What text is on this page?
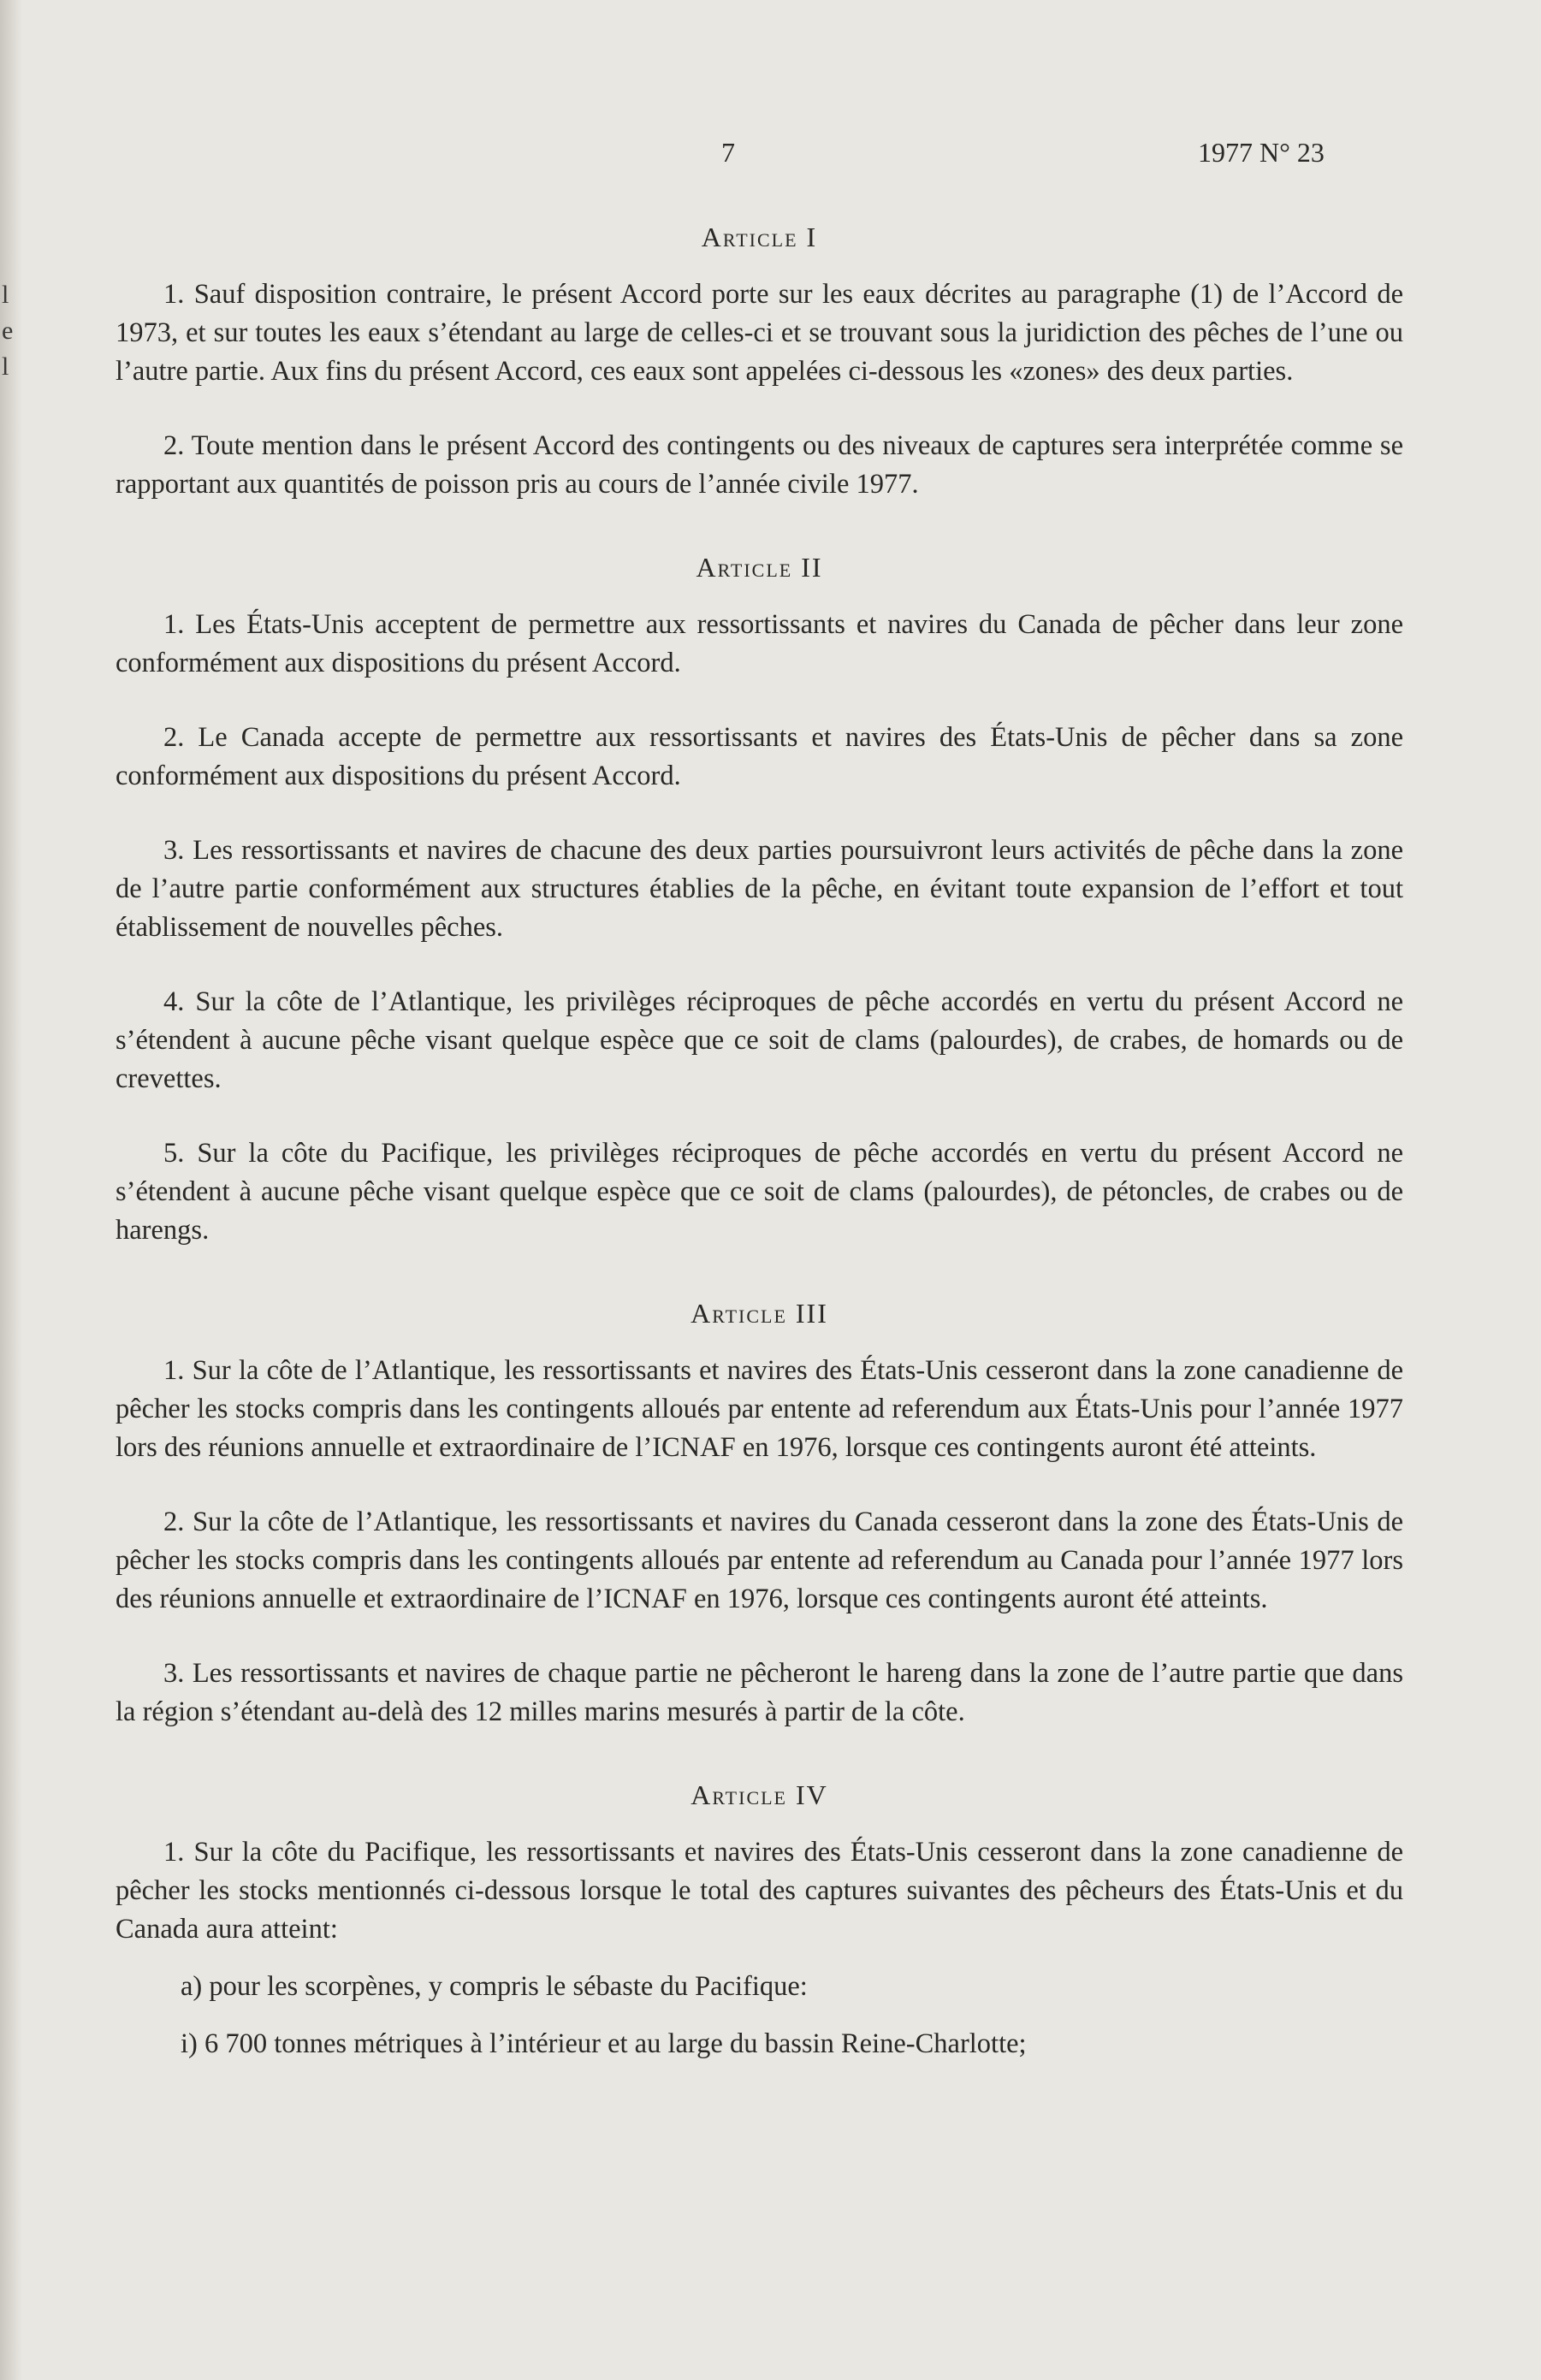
l
e
l
7	1977 N° 23
Article I

1. Sauf disposition contraire, le présent Accord porte sur les eaux décrites au paragraphe (1) de l’Accord de 1973, et sur toutes les eaux s’étendant au large de celles-ci et se trouvant sous la juridiction des pêches de l’une ou l’autre partie. Aux fins du présent Accord, ces eaux sont appelées ci-dessous les «zones» des deux parties.

2. Toute mention dans le présent Accord des contingents ou des niveaux de captures sera interprétée comme se rapportant aux quantités de poisson pris au cours de l’année civile 1977.

Article II

1. Les États-Unis acceptent de permettre aux ressortissants et navires du Canada de pêcher dans leur zone conformément aux dispositions du présent Accord.

2. Le Canada accepte de permettre aux ressortissants et navires des États-Unis de pêcher dans sa zone conformément aux dispositions du présent Accord.

3. Les ressortissants et navires de chacune des deux parties poursuivront leurs activités de pêche dans la zone de l’autre partie conformément aux structures établies de la pêche, en évitant toute expansion de l’effort et tout établissement de nouvelles pêches.

4. Sur la côte de l’Atlantique, les privilèges réciproques de pêche accordés en vertu du présent Accord ne s’étendent à aucune pêche visant quelque espèce que ce soit de clams (palourdes), de crabes, de homards ou de crevettes.

5. Sur la côte du Pacifique, les privilèges réciproques de pêche accordés en vertu du présent Accord ne s’étendent à aucune pêche visant quelque espèce que ce soit de clams (palourdes), de pétoncles, de crabes ou de harengs.

Article III

1. Sur la côte de l’Atlantique, les ressortissants et navires des États-Unis cesseront dans la zone canadienne de pêcher les stocks compris dans les contingents alloués par entente ad referendum aux États-Unis pour l’année 1977 lors des réunions annuelle et extraordinaire de l’ICNAF en 1976, lorsque ces contingents auront été atteints.

2. Sur la côte de l’Atlantique, les ressortissants et navires du Canada cesseront dans la zone des États-Unis de pêcher les stocks compris dans les contingents alloués par entente ad referendum au Canada pour l’année 1977 lors des réunions annuelle et extraordinaire de l’ICNAF en 1976, lorsque ces contingents auront été atteints.

3. Les ressortissants et navires de chaque partie ne pêcheront le hareng dans la zone de l’autre partie que dans la région s’étendant au-delà des 12 milles marins mesurés à partir de la côte.

Article IV

1. Sur la côte du Pacifique, les ressortissants et navires des États-Unis cesseront dans la zone canadienne de pêcher les stocks mentionnés ci-dessous lorsque le total des captures suivantes des pêcheurs des États-Unis et du Canada aura atteint:

a) pour les scorpènes, y compris le sébaste du Pacifique:

i) 6 700 tonnes métriques à l’intérieur et au large du bassin Reine-Charlotte;
